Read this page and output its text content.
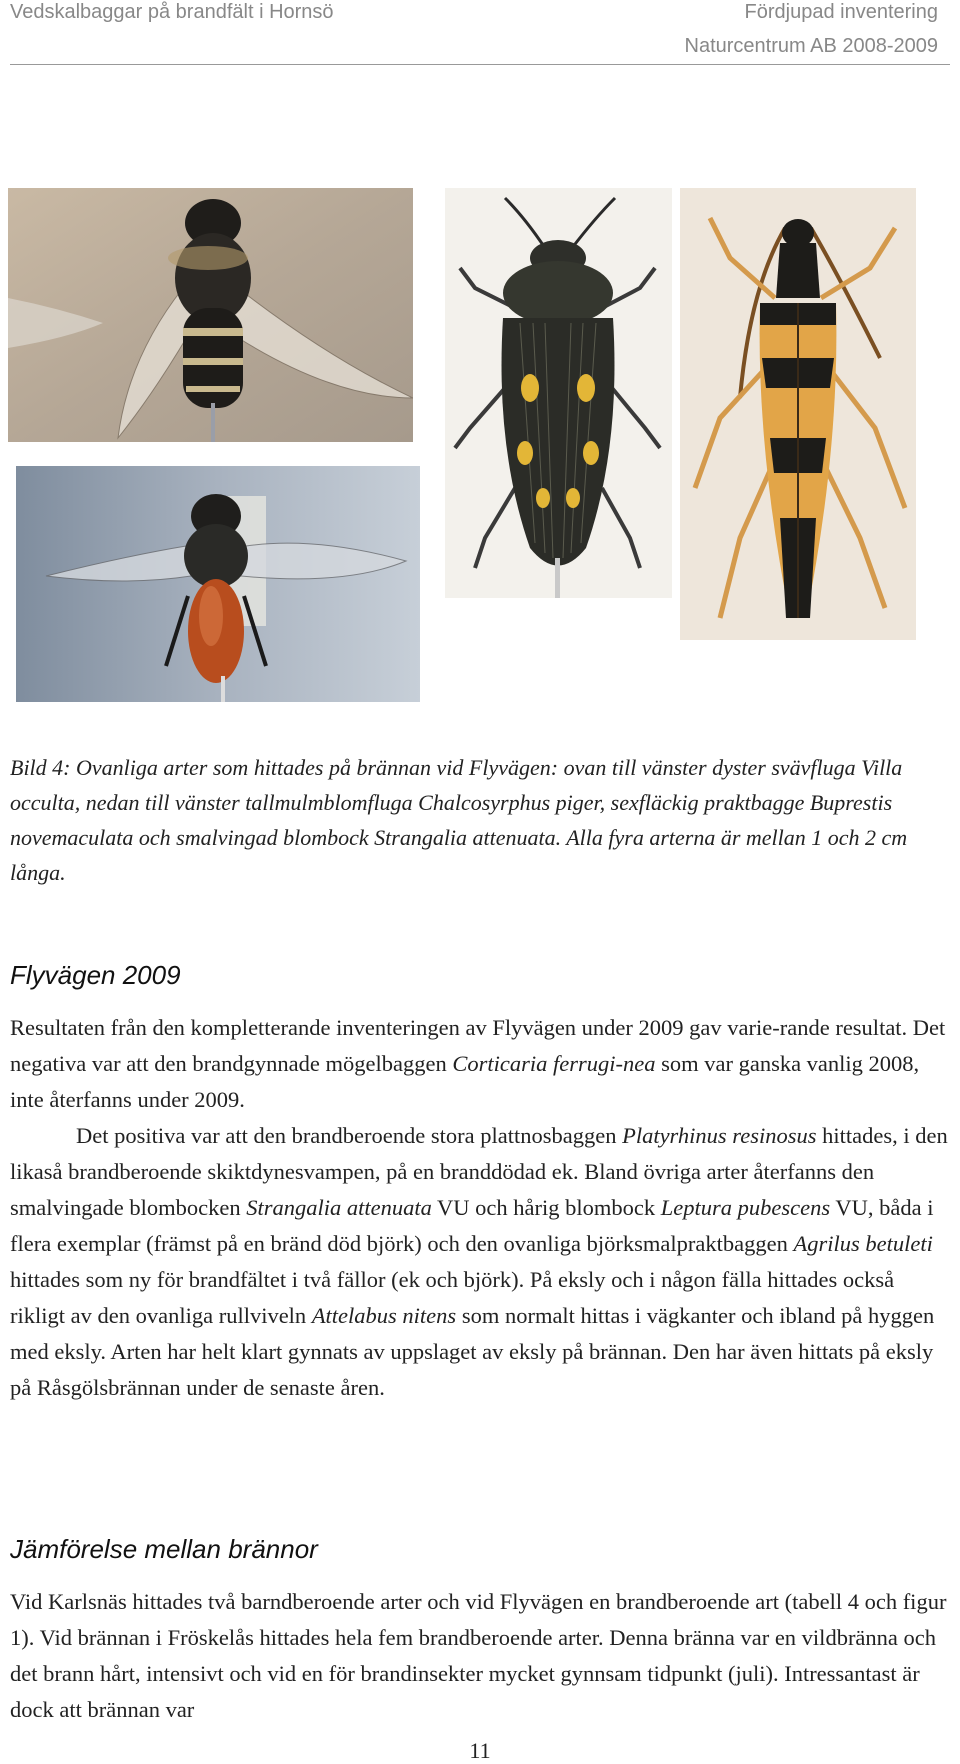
Vedskalbaggar på brandfält i Hornsö	Fördjupad inventering
Naturcentrum AB 2008-2009

Bild 4: Ovanliga arter som hittades på brännan vid Flyvägen: ovan till vänster dyster svävfluga Villa occulta, nedan till vänster tallmulmblomfluga Chalcosyrphus piger, sexfläckig praktbagge Buprestis novemaculata och smalvingad blombock Strangalia attenuata. Alla fyra arterna är mellan 1 och 2 cm långa.

Flyvägen 2009

Resultaten från den kompletterande inventeringen av Flyvägen under 2009 gav varie-rande resultat. Det negativa var att den brandgynnade mögelbaggen Corticaria ferrugi-nea som var ganska vanlig 2008, inte återfanns under 2009.

Det positiva var att den brandberoende stora plattnosbaggen Platyrhinus resinosus hittades, i den likaså brandberoende skiktdynesvampen, på en branddödad ek. Bland övriga arter återfanns den smalvingade blombocken Strangalia attenuata VU och hårig blombock Leptura pubescens VU, båda i flera exemplar (främst på en bränd död björk) och den ovanliga björksmalpraktbaggen Agrilus betuleti hittades som ny för brandfältet i två fällor (ek och björk). På eksly och i någon fälla hittades också rikligt av den ovanliga rullviveln Attelabus nitens som normalt hittas i vägkanter och ibland på hyggen med eksly. Arten har helt klart gynnats av uppslaget av eksly på brännan. Den har även hittats på eksly på Råsgölsbrännan under de senaste åren.

Jämförelse mellan brännor

Vid Karlsnäs hittades två barndberoende arter och vid Flyvägen en brandberoende art (tabell 4 och figur 1). Vid brännan i Fröskelås hittades hela fem brandberoende arter. Denna bränna var en vildbränna och det brann hårt, intensivt och vid en för brandinsekter mycket gynnsam tidpunkt (juli). Intressantast är dock att brännan var

11
